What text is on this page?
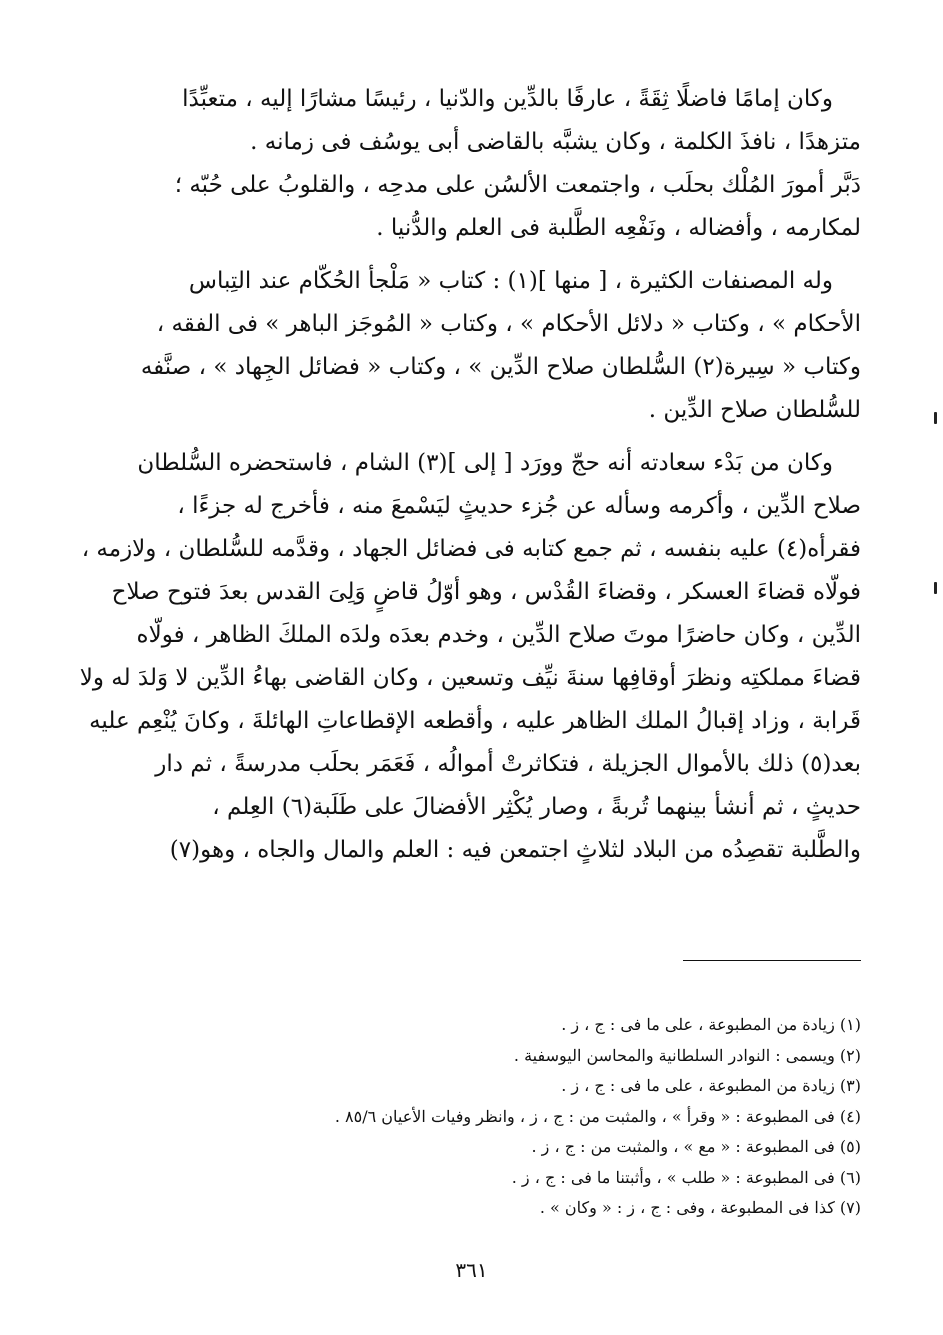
وكان إمامًا فاضلًا ثِقَةً ، عارفًا بالدِّين والدّنيا ، رئيسًا مشارًا إليه ، متعبِّدًا
متزهدًا ، نافذَ الكلمة ، وكان يشبَّه بالقاضى أبى يوسُف فى زمانه .
دَبَّر أمورَ المُلْك بحلَب ، واجتمعت الألسُن على مدحِه ، والقلوبُ على حُبّه ؛
لمكارمه ، وأفضاله ، ونَفْعِه الطَّلبة فى العلم والدُّنيا .
وله المصنفات الكثيرة ، [ منها ](١) : كتاب « مَلْجأ الحُكّام عند التِباس
الأحكام » ، وكتاب « دلائل الأحكام » ، وكتاب « المُوجَز الباهر » فى الفقه ،
وكتاب « سِيرة(٢) السُّلطان صلاح الدِّين » ، وكتاب « فضائل الجِهاد » ، صنَّفه
للسُّلطان صلاح الدِّين .
وكان من بَدْء سعادته أنه حجّ وورَد [ إلى ](٣) الشام ، فاستحضره السُّلطان
صلاح الدِّين ، وأكرمه وسأله عن جُزء حديثٍ ليَسْمعَ منه ، فأخرج له جزءًا ،
فقرأه(٤) عليه بنفسه ، ثم جمع كتابه فى فضائل الجهاد ، وقدَّمه للسُّلطان ، ولازمه ،
فولّاه قضاءَ العسكر ، وقضاءَ القُدْس ، وهو أوّلُ قاضٍ وَلِىَ القدس بعدَ فتوح صلاح
الدِّين ، وكان حاضرًا موتَ صلاح الدِّين ، وخدم بعدَه ولدَه الملكَ الظاهر ، فولّاه
قضاءَ مملكتِه ونظرَ أوقافِها سنةَ نيِّف وتسعين ، وكان القاضى بهاءُ الدِّين لا وَلدَ له ولا
قَرابة ، وزاد إقبالُ الملك الظاهر عليه ، وأقطعه الإقطاعاتِ الهائلةَ ، وكانَ يُنْعِم عليه
بعد(٥) ذلك بالأموال الجزيلة ، فتكاثرتْ أموالُه ، فَعَمَر بحلَب مدرسةً ، ثم دار
حديثٍ ، ثم أنشأ بينهما تُربةً ، وصار يُكْثِر الأفضالَ على طَلَبة(٦) العِلم ،
والطَّلبة تقصِدُه من البلاد لثلاثٍ اجتمعن فيه : العلم والمال والجاه ، وهو(٧)
(١) زيادة من المطبوعة ، على ما فى : ج ، ز .
(٢) ويسمى : النوادر السلطانية والمحاسن اليوسفية .
(٣) زيادة من المطبوعة ، على ما فى : ج ، ز .
(٤) فى المطبوعة : « وقرأ » ، والمثبت من : ج ، ز ، وانظر وفيات الأعيان ٨٥/٦ .
(٥) فى المطبوعة : « مع » ، والمثبت من : ج ، ز .
(٦) فى المطبوعة : « طلب » ، وأثبتنا ما فى : ج ، ز .
(٧) كذا فى المطبوعة ، وفى : ج ، ز : « وكان » .
٣٦١
